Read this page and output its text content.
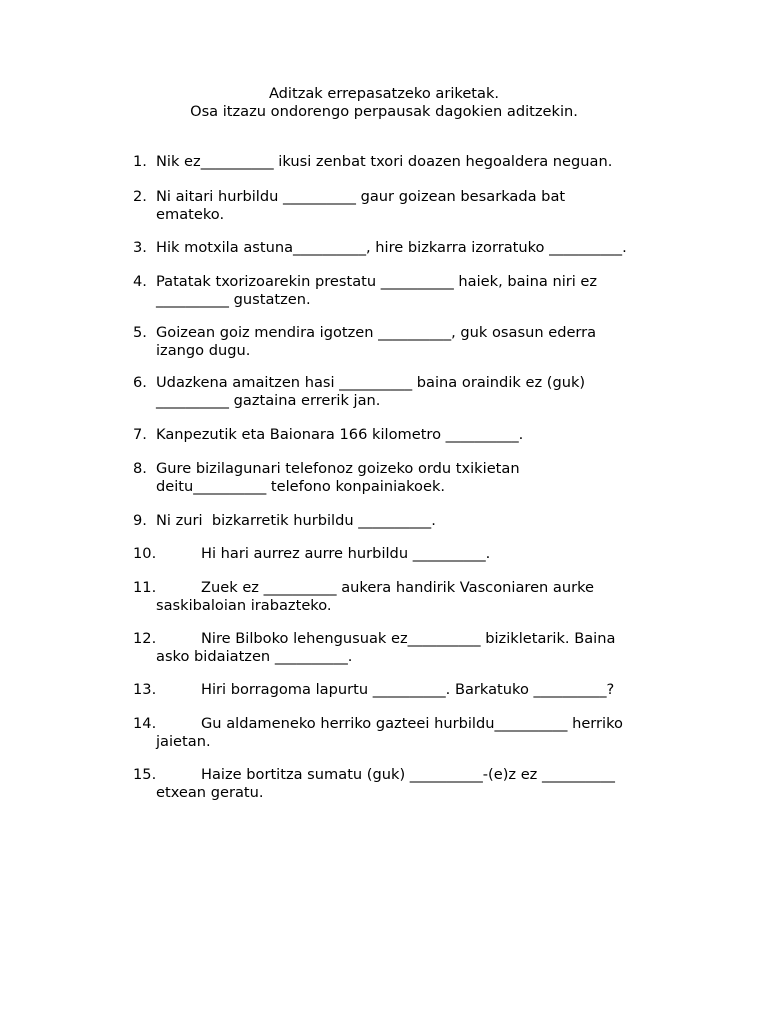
Aditzak errepasatzeko ariketak.
Osa itzazu ondorengo perpausak dagokien aditzekin.
1. Nik ez__________ ikusi zenbat txori doazen hegoaldera neguan.
2. Ni aitari hurbildu __________ gaur goizean besarkada bat
emateko.
3. Hik motxila astuna__________, hire bizkarra izorratuko __________.
4. Patatak txorizoarekin prestatu __________ haiek, baina niri ez
__________ gustatzen.
5. Goizean goiz mendira igotzen __________, guk osasun ederra
izango dugu.
6. Udazkena amaitzen hasi __________ baina oraindik ez (guk)
__________ gaztaina errerik jan.
7. Kanpezutik eta Baionara 166 kilometro __________.
8. Gure bizilagunari telefonoz goizeko ordu txikietan
deitu__________ telefono konpainiakoek.
9. Ni zuri  bizkarretik hurbildu __________.
10.	Hi hari aurrez aurre hurbildu __________.
11.	Zuek ez __________ aukera handirik Vasconiaren aurke
saskibaloian irabazteko.
12.	Nire Bilboko lehengusuak ez__________ bizikletarik. Baina
asko bidaiatzen __________.
13.	Hiri borragoma lapurtu __________. Barkatuko __________?
14.	Gu aldameneko herriko gazteei hurbildu__________ herriko
jaietan.
15.	Haize bortitza sumatu (guk) __________-(e)z ez __________
etxean geratu.
